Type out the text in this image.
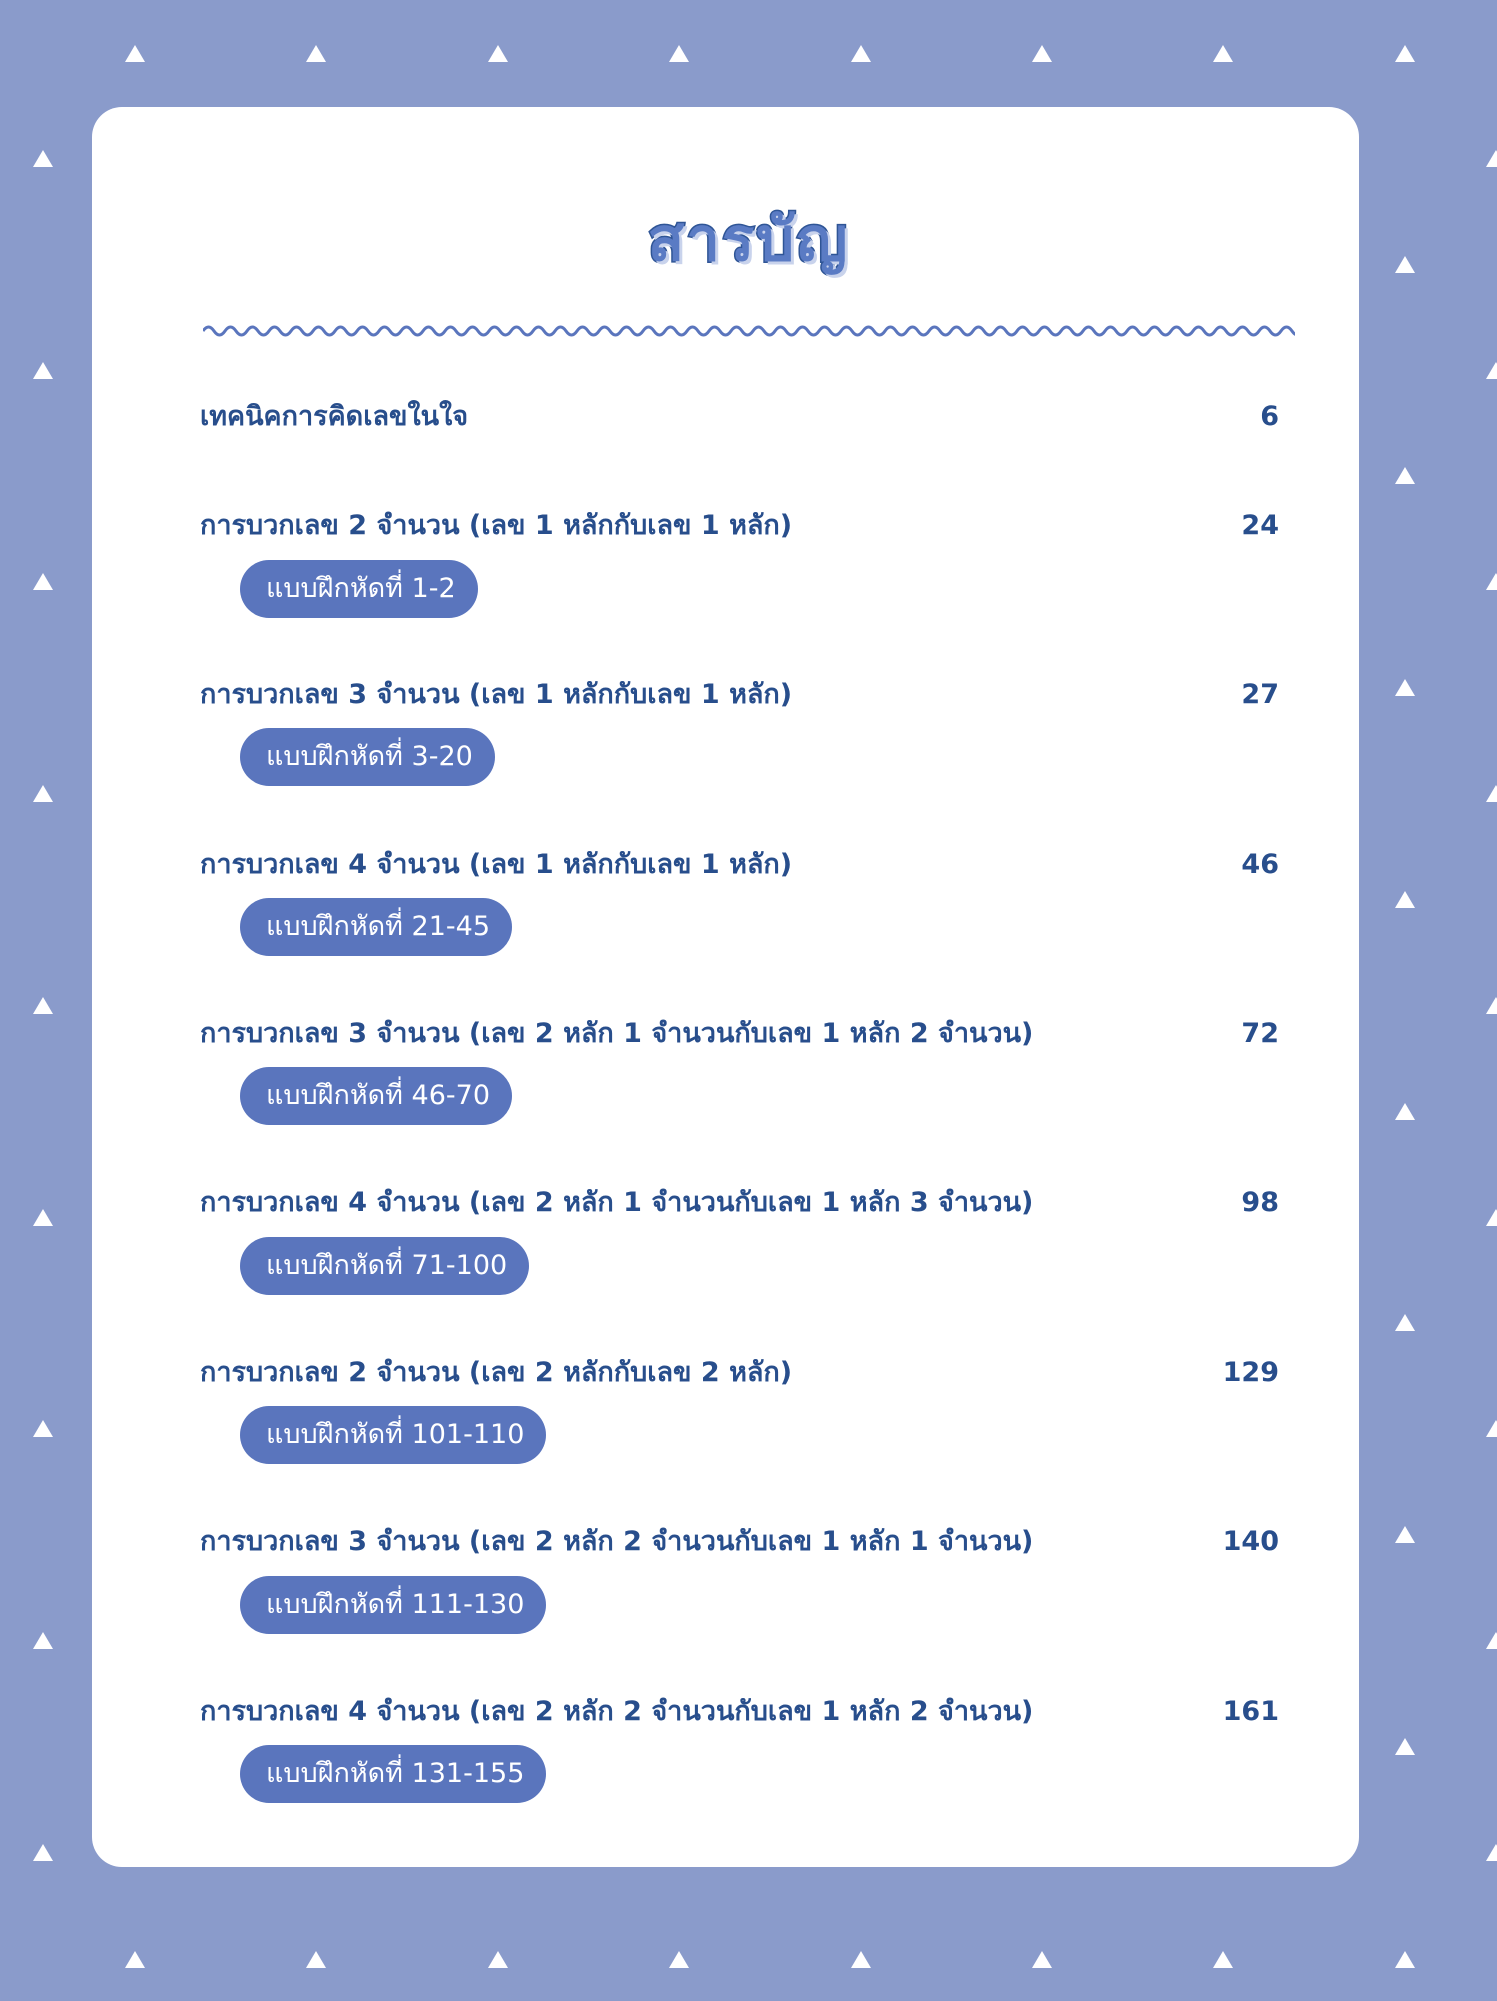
สารบัญ
เทคนิคการคิดเลขในใจ	6
การบวกเลข 2 จำนวน (เลข 1 หลักกับเลข 1 หลัก)	24
แบบฝึกหัดที่ 1-2
การบวกเลข 3 จำนวน (เลข 1 หลักกับเลข 1 หลัก)	27
แบบฝึกหัดที่ 3-20
การบวกเลข 4 จำนวน (เลข 1 หลักกับเลข 1 หลัก)	46
แบบฝึกหัดที่ 21-45
การบวกเลข 3 จำนวน (เลข 2 หลัก 1 จำนวนกับเลข 1 หลัก 2 จำนวน)	72
แบบฝึกหัดที่ 46-70
การบวกเลข 4 จำนวน (เลข 2 หลัก 1 จำนวนกับเลข 1 หลัก 3 จำนวน)	98
แบบฝึกหัดที่ 71-100
การบวกเลข 2 จำนวน (เลข 2 หลักกับเลข 2 หลัก)	129
แบบฝึกหัดที่ 101-110
การบวกเลข 3 จำนวน (เลข 2 หลัก 2 จำนวนกับเลข 1 หลัก 1 จำนวน)	140
แบบฝึกหัดที่ 111-130
การบวกเลข 4 จำนวน (เลข 2 หลัก 2 จำนวนกับเลข 1 หลัก 2 จำนวน)	161
แบบฝึกหัดที่ 131-155
